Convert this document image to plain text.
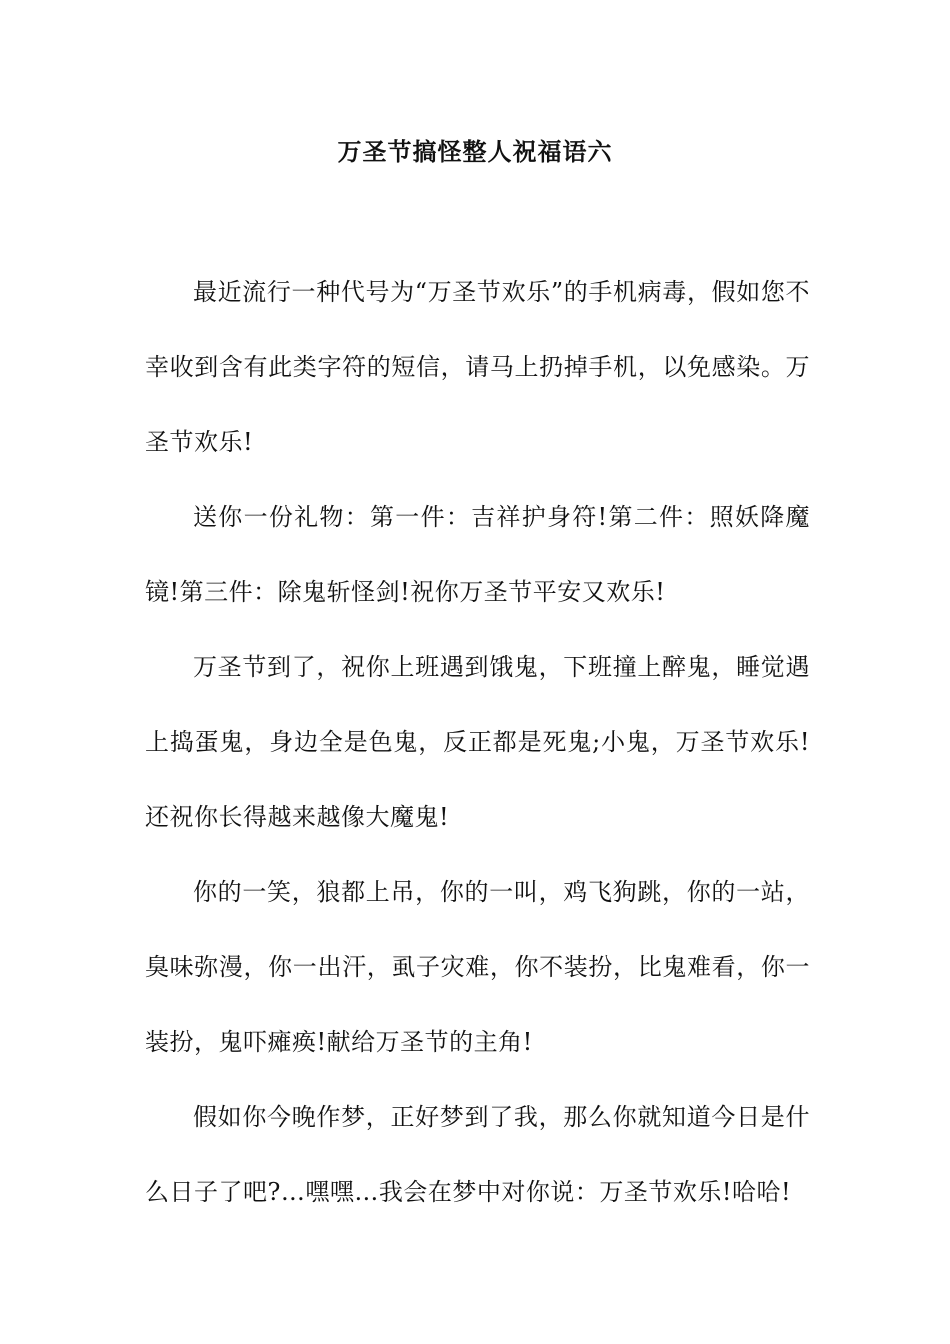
万圣节搞怪整人祝福语六

最近流行一种代号为“万圣节欢乐”的手机病毒，假如您不幸收到含有此类字符的短信，请马上扔掉手机，以免感染。万圣节欢乐!

送你一份礼物：第一件：吉祥护身符!第二件：照妖降魔镜!第三件：除鬼斩怪剑!祝你万圣节平安又欢乐!

万圣节到了，祝你上班遇到饿鬼，下班撞上醉鬼，睡觉遇上捣蛋鬼，身边全是色鬼，反正都是死鬼;小鬼，万圣节欢乐!还祝你长得越来越像大魔鬼!

你的一笑，狼都上吊，你的一叫，鸡飞狗跳，你的一站，臭味弥漫，你一出汗，虱子灾难，你不装扮，比鬼难看，你一装扮，鬼吓瘫痪!献给万圣节的主角!

假如你今晚作梦，正好梦到了我，那么你就知道今日是什么日子了吧?…嘿嘿…我会在梦中对你说：万圣节欢乐!哈哈!
